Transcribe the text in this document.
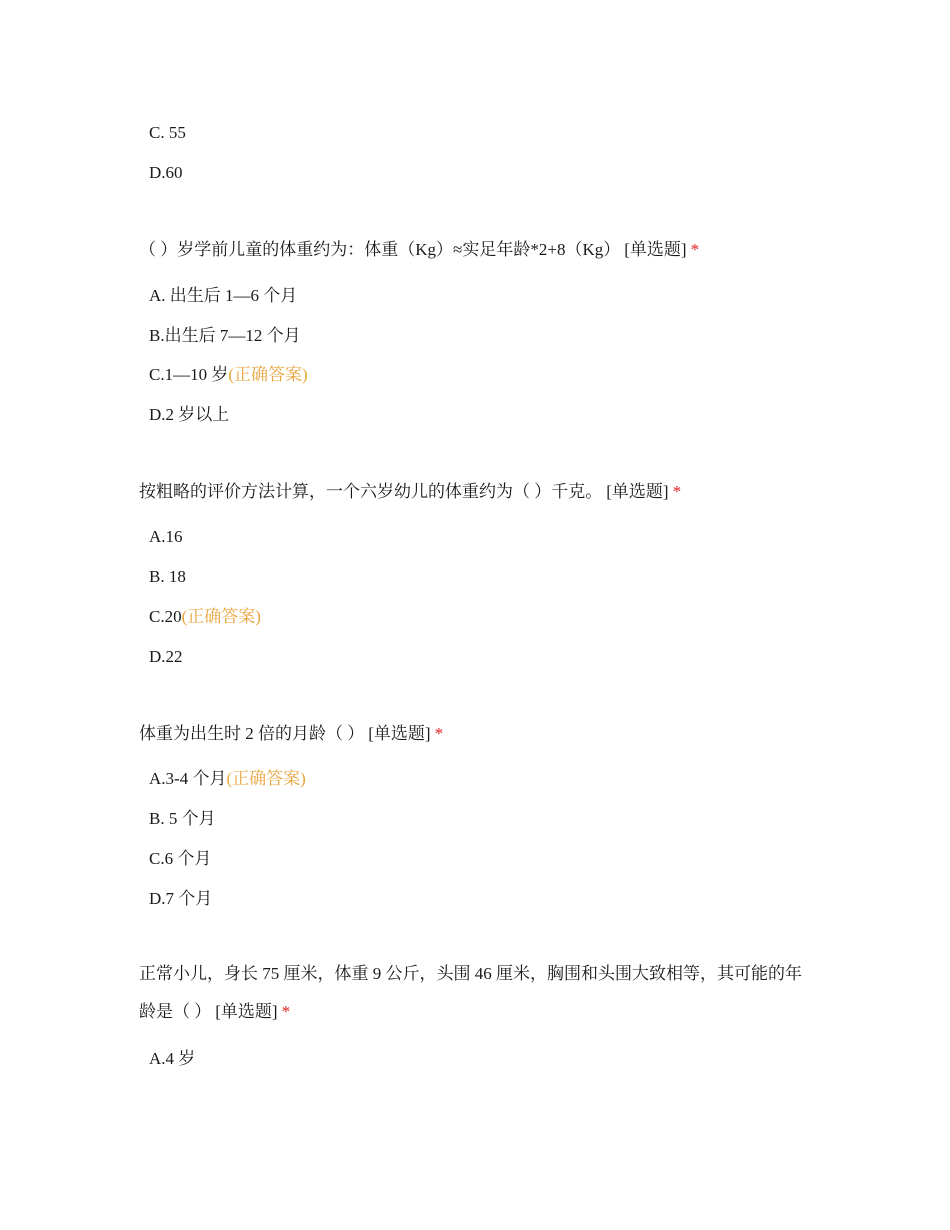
C. 55
D.60
（ ）岁学前儿童的体重约为：体重（Kg）≈实足年龄*2+8（Kg） [单选题] *
A. 出生后 1—6 个月
B.出生后 7—12 个月
C.1—10 岁(正确答案)
D.2 岁以上
按粗略的评价方法计算，一个六岁幼儿的体重约为（ ）千克。 [单选题] *
A.16
B. 18
C.20(正确答案)
D.22
体重为出生时 2 倍的月龄（ ） [单选题] *
A.3-4 个月(正确答案)
B. 5 个月
C.6 个月
D.7 个月
正常小儿，身长 75 厘米，体重 9 公斤，头围 46 厘米，胸围和头围大致相等，其可能的年龄是（ ） [单选题] *
A.4 岁
